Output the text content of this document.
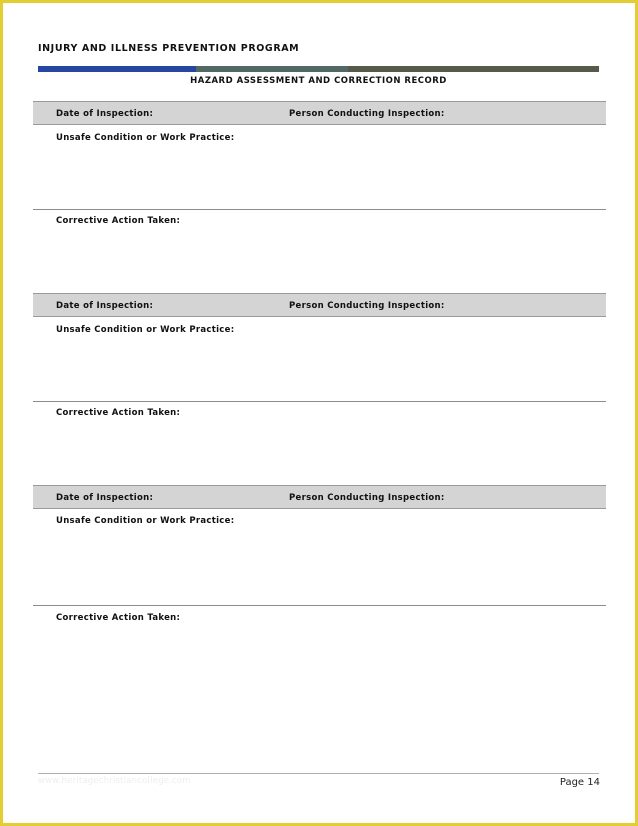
INJURY AND ILLNESS PREVENTION PROGRAM
HAZARD ASSESSMENT AND CORRECTION RECORD
Date of Inspection:	Person Conducting Inspection:
Unsafe Condition or Work Practice:
Corrective Action Taken:
Date of Inspection:	Person Conducting Inspection:
Unsafe Condition or Work Practice:
Corrective Action Taken:
Date of Inspection:	Person Conducting Inspection:
Unsafe Condition or Work Practice:
Corrective Action Taken:
www.heritagechristiancollege.com	Page 14
